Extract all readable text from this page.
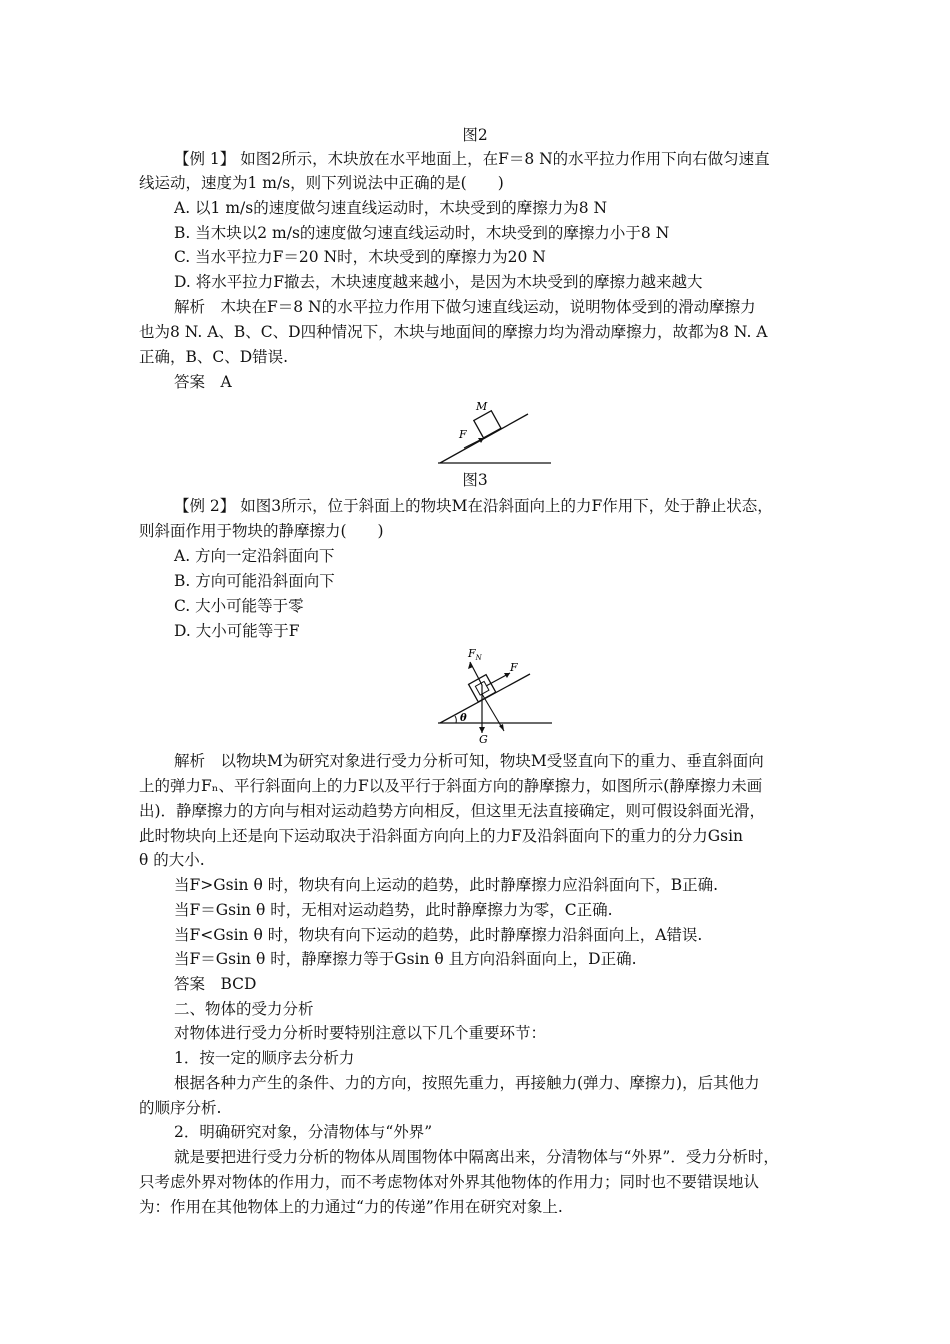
图2
【例 1】 如图2所示，木块放在水平地面上，在F＝8 N的水平拉力作用下向右做匀速直
线运动，速度为1 m/s，则下列说法中正确的是(　　)
A. 以1 m/s的速度做匀速直线运动时，木块受到的摩擦力为8 N
B. 当木块以2 m/s的速度做匀速直线运动时，木块受到的摩擦力小于8 N
C. 当水平拉力F＝20 N时，木块受到的摩擦力为20 N
D. 将水平拉力F撤去，木块速度越来越小，是因为木块受到的摩擦力越来越大
解析　木块在F＝8 N的水平拉力作用下做匀速直线运动，说明物体受到的滑动摩擦力
也为8 N. A、B、C、D四种情况下，木块与地面间的摩擦力均为滑动摩擦力，故都为8 N. A
正确，B、C、D错误.
答案　A
M
F
图3
【例 2】 如图3所示，位于斜面上的物块M在沿斜面向上的力F作用下，处于静止状态，
则斜面作用于物块的静摩擦力(　　)
A. 方向一定沿斜面向下
B. 方向可能沿斜面向下
C. 大小可能等于零
D. 大小可能等于F
$F_N$
F
θ
G
解析　以物块M为研究对象进行受力分析可知，物块M受竖直向下的重力、垂直斜面向
上的弹力Fₙ、平行斜面向上的力F以及平行于斜面方向的静摩擦力，如图所示(静摩擦力未画
出)．静摩擦力的方向与相对运动趋势方向相反，但这里无法直接确定，则可假设斜面光滑，
此时物块向上还是向下运动取决于沿斜面方向向上的力F及沿斜面向下的重力的分力Gsin
θ 的大小.
当F>Gsin θ 时，物块有向上运动的趋势，此时静摩擦力应沿斜面向下，B正确.
当F＝Gsin θ 时，无相对运动趋势，此时静摩擦力为零，C正确.
当F<Gsin θ 时，物块有向下运动的趋势，此时静摩擦力沿斜面向上，A错误.
当F＝Gsin θ 时，静摩擦力等于Gsin θ 且方向沿斜面向上，D正确.
答案　BCD
二、物体的受力分析
对物体进行受力分析时要特别注意以下几个重要环节：
1．按一定的顺序去分析力
根据各种力产生的条件、力的方向，按照先重力，再接触力(弹力、摩擦力)，后其他力
的顺序分析.
2．明确研究对象，分清物体与“外界”
就是要把进行受力分析的物体从周围物体中隔离出来，分清物体与“外界”．受力分析时，
只考虑外界对物体的作用力，而不考虑物体对外界其他物体的作用力；同时也不要错误地认
为：作用在其他物体上的力通过“力的传递”作用在研究对象上.
